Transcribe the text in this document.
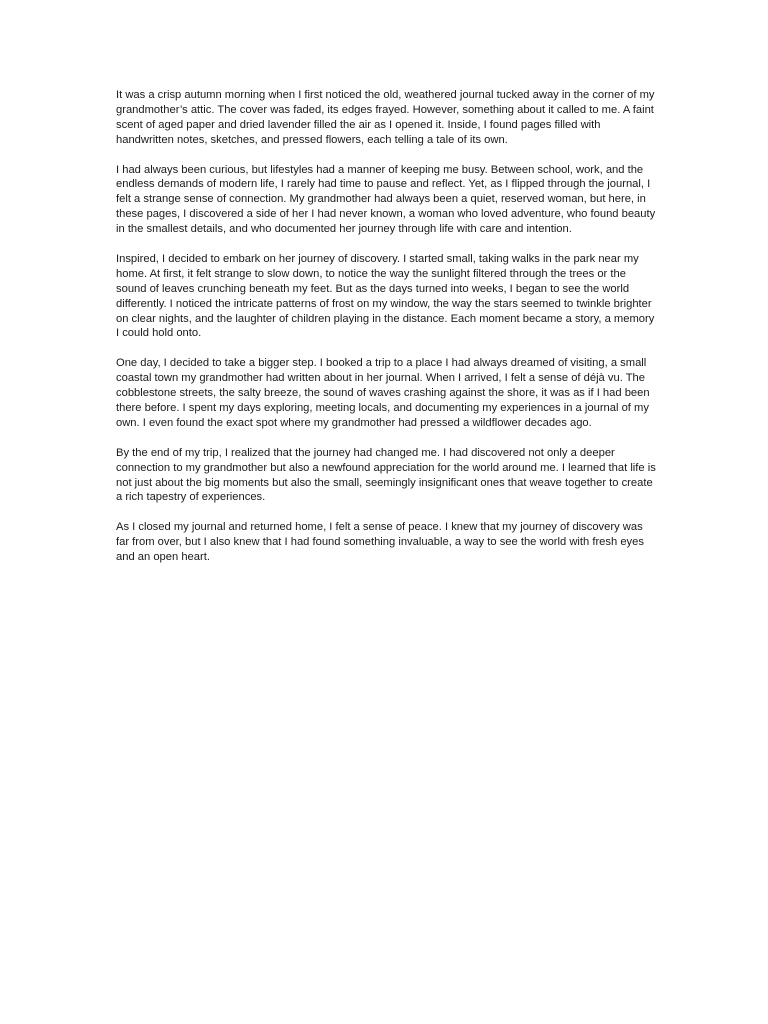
It was a crisp autumn morning when I first noticed the old, weathered journal tucked away in the corner of my grandmother’s attic. The cover was faded, its edges frayed. However, something about it called to me. A faint scent of aged paper and dried lavender filled the air as I opened it. Inside, I found pages filled with handwritten notes, sketches, and pressed flowers, each telling a tale of its own.

I had always been curious, but lifestyles had a manner of keeping me busy. Between school, work, and the endless demands of modern life, I rarely had time to pause and reflect. Yet, as I flipped through the journal, I felt a strange sense of connection. My grandmother had always been a quiet, reserved woman, but here, in these pages, I discovered a side of her I had never known, a woman who loved adventure, who found beauty in the smallest details, and who documented her journey through life with care and intention.

Inspired, I decided to embark on her journey of discovery. I started small, taking walks in the park near my home. At first, it felt strange to slow down, to notice the way the sunlight filtered through the trees or the sound of leaves crunching beneath my feet. But as the days turned into weeks, I began to see the world differently. I noticed the intricate patterns of frost on my window, the way the stars seemed to twinkle brighter on clear nights, and the laughter of children playing in the distance. Each moment became a story, a memory I could hold onto.

One day, I decided to take a bigger step. I booked a trip to a place I had always dreamed of visiting, a small coastal town my grandmother had written about in her journal. When I arrived, I felt a sense of déjà vu. The cobblestone streets, the salty breeze, the sound of waves crashing against the shore, it was as if I had been there before. I spent my days exploring, meeting locals, and documenting my experiences in a journal of my own. I even found the exact spot where my grandmother had pressed a wildflower decades ago.

By the end of my trip, I realized that the journey had changed me. I had discovered not only a deeper connection to my grandmother but also a newfound appreciation for the world around me. I learned that life is not just about the big moments but also the small, seemingly insignificant ones that weave together to create a rich tapestry of experiences.

As I closed my journal and returned home, I felt a sense of peace. I knew that my journey of discovery was far from over, but I also knew that I had found something invaluable, a way to see the world with fresh eyes and an open heart.
